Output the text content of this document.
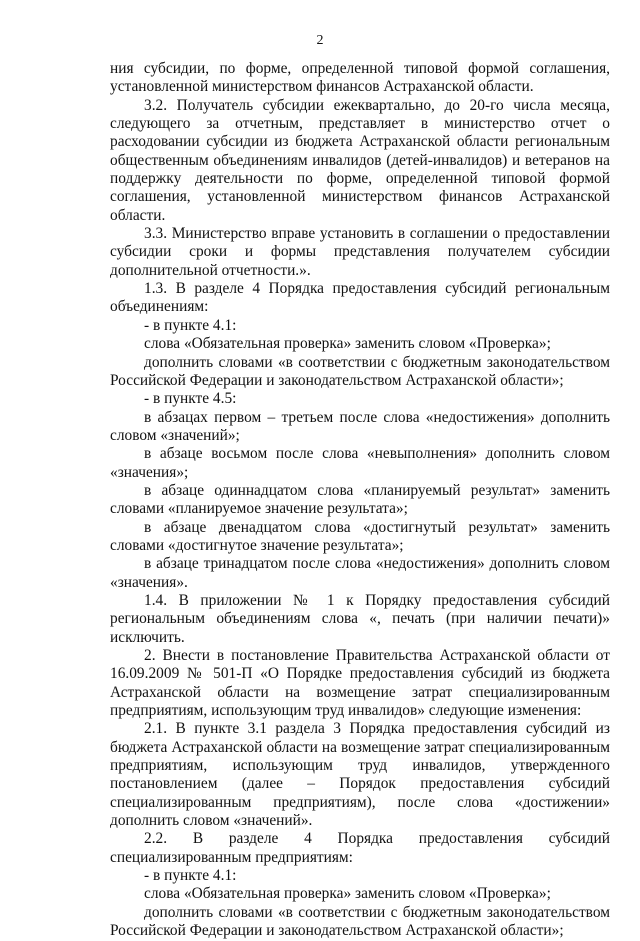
2

ния субсидии, по форме, определенной типовой формой соглашения, установленной министерством финансов Астраханской области.

3.2. Получатель субсидии ежеквартально, до 20-го числа месяца, следующего за отчетным, представляет в министерство отчет о расходовании субсидии из бюджета Астраханской области региональным общественным объединениям инвалидов (детей-инвалидов) и ветеранов на поддержку деятельности по форме, определенной типовой формой соглашения, установленной министерством финансов Астраханской области.

3.3. Министерство вправе установить в соглашении о предоставлении субсидии сроки и формы представления получателем субсидии дополнительной отчетности.».

1.3. В разделе 4 Порядка предоставления субсидий региональным объединениям:

- в пункте 4.1:

слова «Обязательная проверка» заменить словом «Проверка»;

дополнить словами «в соответствии с бюджетным законодательством Российской Федерации и законодательством Астраханской области»;

- в пункте 4.5:

в абзацах первом – третьем после слова «недостижения» дополнить словом «значений»;

в абзаце восьмом после слова «невыполнения» дополнить словом «значения»;

в абзаце одиннадцатом слова «планируемый результат» заменить словами «планируемое значение результата»;

в абзаце двенадцатом слова «достигнутый результат» заменить словами «достигнутое значение результата»;

в абзаце тринадцатом после слова «недостижения» дополнить словом «значения».

1.4. В приложении № 1 к Порядку предоставления субсидий региональным объединениям слова «, печать (при наличии печати)» исключить.

2. Внести в постановление Правительства Астраханской области от 16.09.2009 № 501-П «О Порядке предоставления субсидий из бюджета Астраханской области на возмещение затрат специализированным предприятиям, использующим труд инвалидов» следующие изменения:

2.1. В пункте 3.1 раздела 3 Порядка предоставления субсидий из бюджета Астраханской области на возмещение затрат специализированным предприятиям, использующим труд инвалидов, утвержденного постановлением (далее – Порядок предоставления субсидий специализированным предприятиям), после слова «достижении» дополнить словом «значений».

2.2. В разделе 4 Порядка предоставления субсидий специализированным предприятиям:

- в пункте 4.1:

слова «Обязательная проверка» заменить словом «Проверка»;

дополнить словами «в соответствии с бюджетным законодательством Российской Федерации и законодательством Астраханской области»;
